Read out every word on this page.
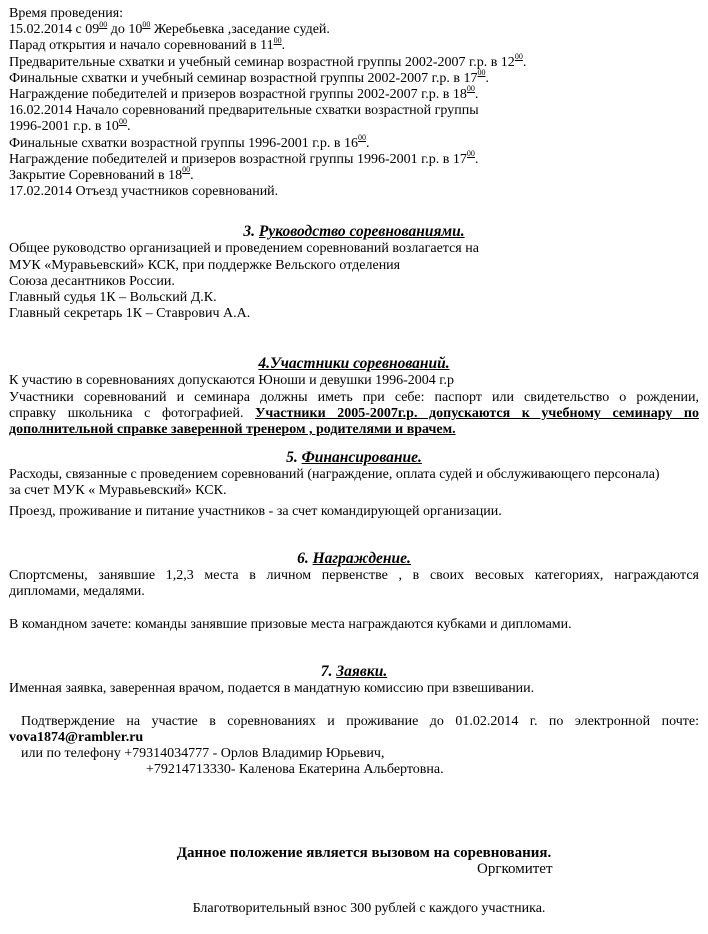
Время проведения:
15.02.2014 с $09^{00}$ до $10^{00}$ Жеребьевка ,заседание судей.
Парад открытия и начало соревнований в $11^{00}$.
Предварительные схватки и учебный семинар возрастной группы 2002-2007 г.р. в $12^{00}$.
Финальные схватки и учебный семинар возрастной группы 2002-2007 г.р. в $17^{00}$.
Награждение победителей и призеров возрастной группы 2002-2007 г.р. в $18^{00}$.
16.02.2014 Начало соревнований предварительные схватки возрастной группы
1996-2001 г.р. в $10^{00}$.
Финальные схватки возрастной группы 1996-2001 г.р. в $16^{00}$.
Награждение победителей и призеров возрастной группы 1996-2001 г.р. в $17^{00}$.
Закрытие Соревнований в $18^{00}$.
17.02.2014 Отъезд участников соревнований.
3. Руководство соревнованиями.
Общее руководство организацией и проведением соревнований возлагается на
МУК «Муравьевский» КСК, при поддержке Вельского отделения
Союза десантников России.
Главный судья 1К – Вольский Д.К.
Главный секретарь 1К – Ставрович А.А.
4.Участники соревнований.
К участию в соревнованиях допускаются Юноши и девушки 1996-2004 г.р
Участники соревнований и семинара должны иметь при себе: паспорт или свидетельство о рождении,
справку школьника с фотографией. Участники 2005-2007г.р. допускаются к учебному семинару по
дополнительной справке заверенной тренером , родителями и врачем.
5. Финансирование.
Расходы, связанные с проведением соревнований (награждение, оплата судей и обслуживающего персонала)
за счет МУК « Муравьевский» КСК.
Проезд, проживание и питание участников - за счет командирующей организации.
6. Награждение.
Спортсмены, занявшие 1,2,3 места в личном первенстве , в своих весовых категориях, награждаются
дипломами, медалями.
В командном зачете: команды занявшие призовые места награждаются кубками и дипломами.
7. Заявки.
Именная заявка, заверенная врачом, подается в мандатную комиссию при взвешивании.
Подтверждение на участие в соревнованиях и проживание до 01.02.2014 г. по электронной почте:
vova1874@rambler.ru
или по телефону +79314034777 - Орлов Владимир Юрьевич,
+79214713330- Каленова Екатерина Альбертовна.
Данное положение является вызовом на соревнования.
Оргкомитет
Благотворительный взнос 300 рублей с каждого участника.
